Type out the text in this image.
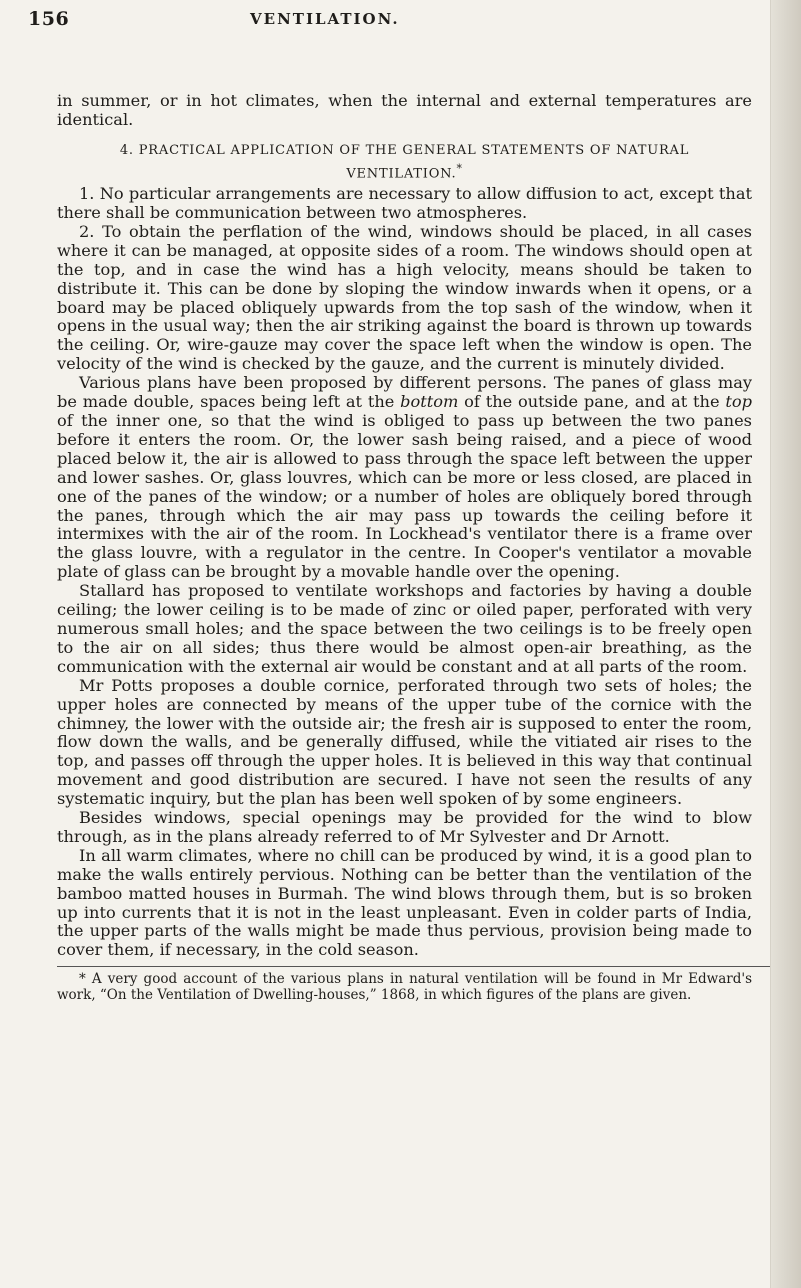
156	VENTILATION.

in summer, or in hot climates, when the internal and external temperatures are identical.

4. PRACTICAL APPLICATION OF THE GENERAL STATEMENTS OF NATURAL
VENTILATION.*

1. No particular arrangements are necessary to allow diffusion to act, except that there shall be communication between two atmospheres.

2. To obtain the perflation of the wind, windows should be placed, in all cases where it can be managed, at opposite sides of a room. The windows should open at the top, and in case the wind has a high velocity, means should be taken to distribute it. This can be done by sloping the window inwards when it opens, or a board may be placed obliquely upwards from the top sash of the window, when it opens in the usual way; then the air striking against the board is thrown up towards the ceiling. Or, wire-gauze may cover the space left when the window is open. The velocity of the wind is checked by the gauze, and the current is minutely divided.

Various plans have been proposed by different persons. The panes of glass may be made double, spaces being left at the bottom of the outside pane, and at the top of the inner one, so that the wind is obliged to pass up between the two panes before it enters the room. Or, the lower sash being raised, and a piece of wood placed below it, the air is allowed to pass through the space left between the upper and lower sashes. Or, glass louvres, which can be more or less closed, are placed in one of the panes of the window; or a number of holes are obliquely bored through the panes, through which the air may pass up towards the ceiling before it intermixes with the air of the room. In Lockhead's ventilator there is a frame over the glass louvre, with a regulator in the centre. In Cooper's ventilator a movable plate of glass can be brought by a movable handle over the opening.

Stallard has proposed to ventilate workshops and factories by having a double ceiling; the lower ceiling is to be made of zinc or oiled paper, perforated with very numerous small holes; and the space between the two ceilings is to be freely open to the air on all sides; thus there would be almost open-air breathing, as the communication with the external air would be constant and at all parts of the room.

Mr Potts proposes a double cornice, perforated through two sets of holes; the upper holes are connected by means of the upper tube of the cornice with the chimney, the lower with the outside air; the fresh air is supposed to enter the room, flow down the walls, and be generally diffused, while the vitiated air rises to the top, and passes off through the upper holes. It is believed in this way that continual movement and good distribution are secured. I have not seen the results of any systematic inquiry, but the plan has been well spoken of by some engineers.

Besides windows, special openings may be provided for the wind to blow through, as in the plans already referred to of Mr Sylvester and Dr Arnott.

In all warm climates, where no chill can be produced by wind, it is a good plan to make the walls entirely pervious. Nothing can be better than the ventilation of the bamboo matted houses in Burmah. The wind blows through them, but is so broken up into currents that it is not in the least unpleasant. Even in colder parts of India, the upper parts of the walls might be made thus pervious, provision being made to cover them, if necessary, in the cold season.

* A very good account of the various plans in natural ventilation will be found in Mr Edward's work, “On the Ventilation of Dwelling-houses,” 1868, in which figures of the plans are given.
